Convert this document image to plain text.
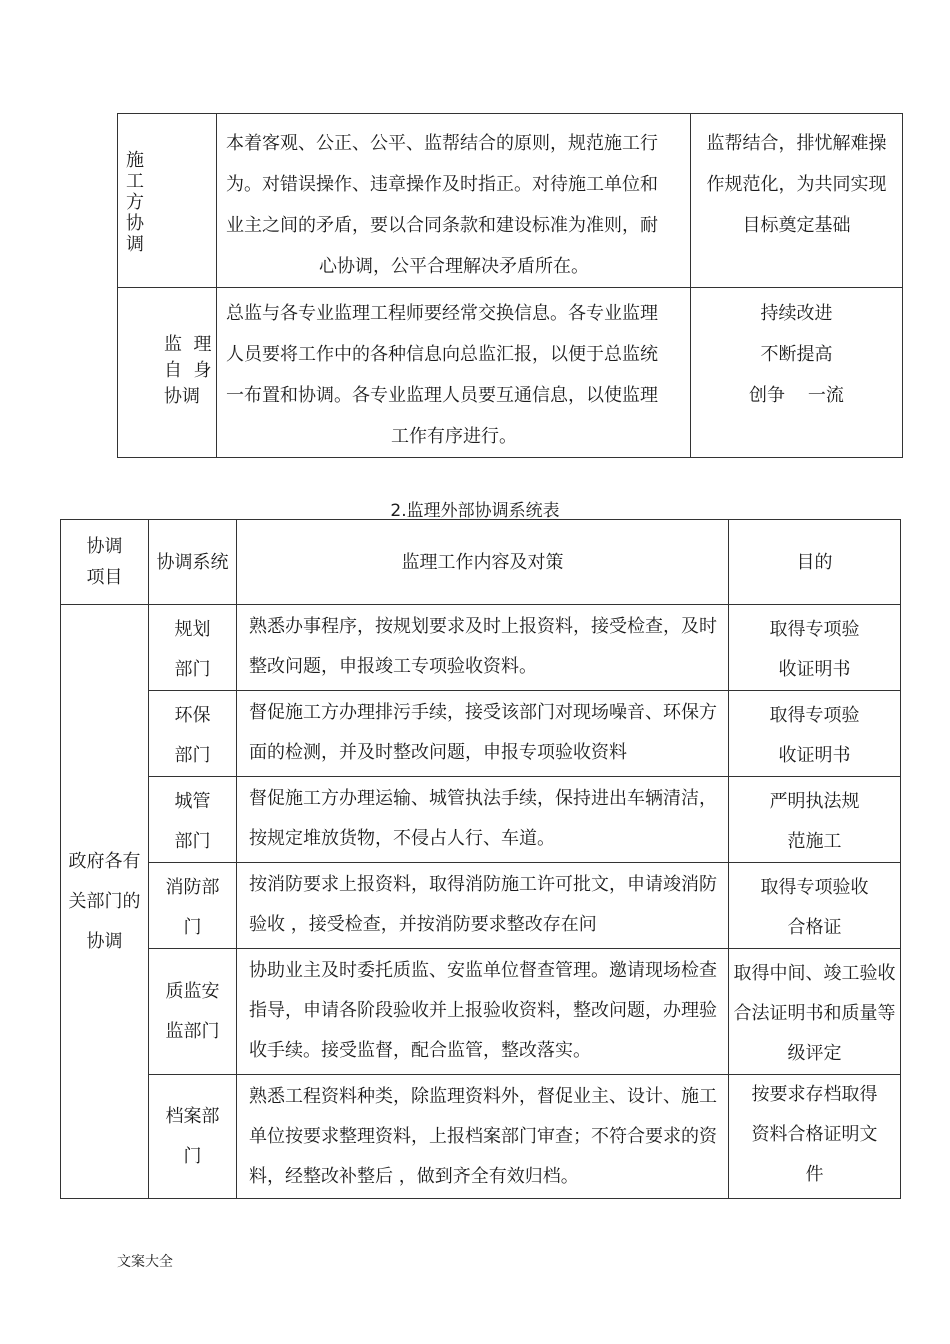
施工方协调	本着客观、公正、公平、监帮结合的原则，规范施工行
为。对错误操作、违章操作及时指正。对待施工单位和
业主之间的矛盾，要以合同条款和建设标准为准则，耐
心协调，公平合理解决矛盾所在。	监帮结合，排忧解难操
作规范化，为共同实现
目标奠定基础

监  理
自  身
协调	总监与各专业监理工程师要经常交换信息。各专业监理
人员要将工作中的各种信息向总监汇报，以便于总监统
一布置和协调。各专业监理人员要互通信息，以使监理
工作有序进行。	持续改进
不断提高
创争    一流
2.监理外部协调系统表
协调项目	协调系统	监理工作内容及对策	目的

政府各有关部门的协调	规划部门	熟悉办事程序，按规划要求及时上报资料，接受检查，及时整改问题，申报竣工专项验收资料。	取得专项验收证明书

	环保部门	督促施工方办理排污手续，接受该部门对现场噪音、环保方面的检测，并及时整改问题，申报专项验收资料	取得专项验收证明书

	城管部门	督促施工方办理运输、城管执法手续，保持进出车辆清洁，按规定堆放货物，不侵占人行、车道。	严明执法规范施工

	消防部门	按消防要求上报资料，取得消防施工许可批文，申请竣消防验收 ，接受检查，并按消防要求整改存在问	取得专项验收合格证

	质监安监部门	协助业主及时委托质监、安监单位督查管理。邀请现场检查指导，申请各阶段验收并上报验收资料，整改问题，办理验收手续。接受监督，配合监管，整改落实。	取得中间、竣工验收合法证明书和质量等级评定

	档案部门	熟悉工程资料种类，除监理资料外，督促业主、设计、施工单位按要求整理资料，上报档案部门审查；不符合要求的资料，经整改补整后 ，做到齐全有效归档。	按要求存档取得资料合格证明文件
文案大全
